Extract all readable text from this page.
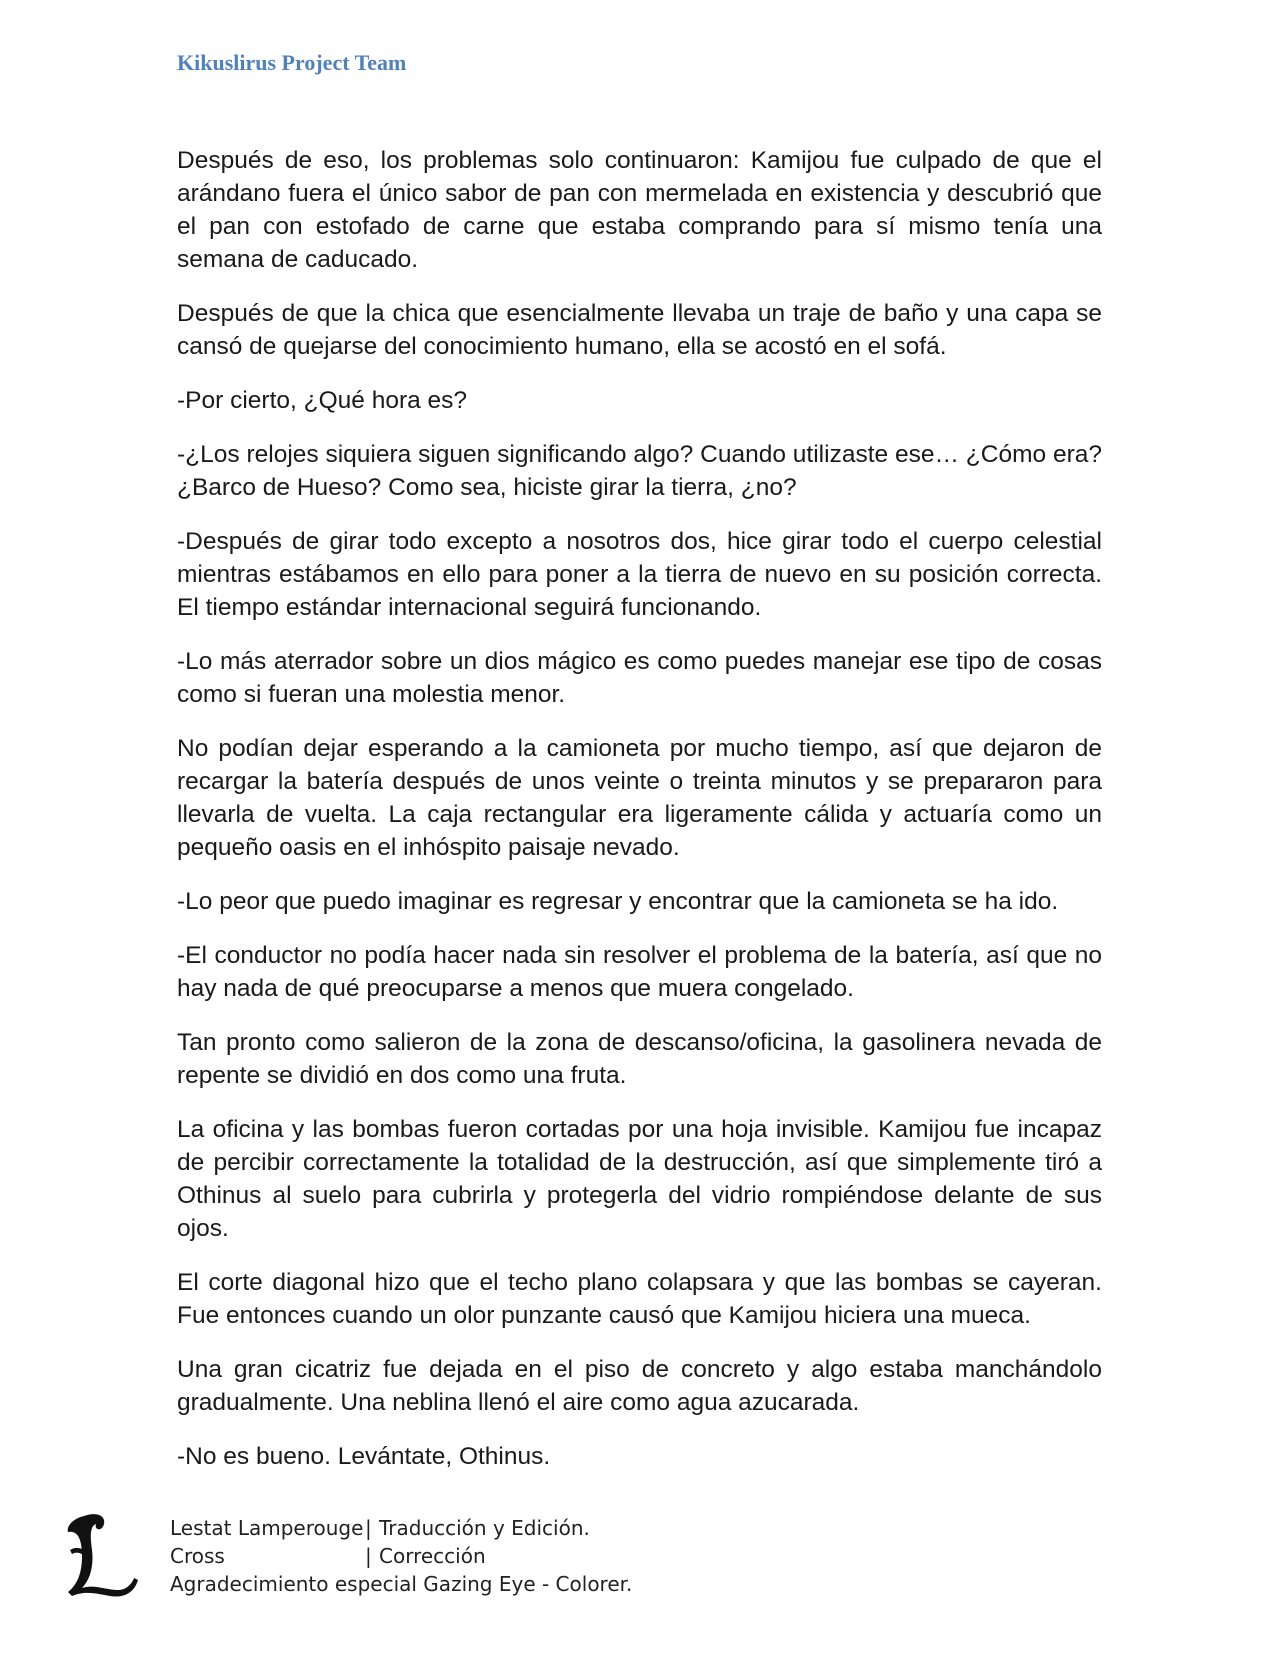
Kikuslirus Project Team

Después de eso, los problemas solo continuaron: Kamijou fue culpado de que el arándano fuera el único sabor de pan con mermelada en existencia y descubrió que el pan con estofado de carne que estaba comprando para sí mismo tenía una semana de caducado.

Después de que la chica que esencialmente llevaba un traje de baño y una capa se cansó de quejarse del conocimiento humano, ella se acostó en el sofá.

-Por cierto, ¿Qué hora es?

-¿Los relojes siquiera siguen significando algo? Cuando utilizaste ese… ¿Cómo era? ¿Barco de Hueso? Como sea, hiciste girar la tierra, ¿no?

-Después de girar todo excepto a nosotros dos, hice girar todo el cuerpo celestial mientras estábamos en ello para poner a la tierra de nuevo en su posición correcta. El tiempo estándar internacional seguirá funcionando.

-Lo más aterrador sobre un dios mágico es como puedes manejar ese tipo de cosas como si fueran una molestia menor.

No podían dejar esperando a la camioneta por mucho tiempo, así que dejaron de recargar la batería después de unos veinte o treinta minutos y se prepararon para llevarla de vuelta. La caja rectangular era ligeramente cálida y actuaría como un pequeño oasis en el inhóspito paisaje nevado.

-Lo peor que puedo imaginar es regresar y encontrar que la camioneta se ha ido.

-El conductor no podía hacer nada sin resolver el problema de la batería, así que no hay nada de qué preocuparse a menos que muera congelado.

Tan pronto como salieron de la zona de descanso/oficina, la gasolinera nevada de repente se dividió en dos como una fruta.

La oficina y las bombas fueron cortadas por una hoja invisible. Kamijou fue incapaz de percibir correctamente la totalidad de la destrucción, así que simplemente tiró a Othinus al suelo para cubrirla y protegerla del vidrio rompiéndose delante de sus ojos.

El corte diagonal hizo que el techo plano colapsara y que las bombas se cayeran. Fue entonces cuando un olor punzante causó que Kamijou hiciera una mueca.

Una gran cicatriz fue dejada en el piso de concreto y algo estaba manchándolo gradualmente. Una neblina llenó el aire como agua azucarada.

-No es bueno. Levántate, Othinus.

Lestat Lamperouge | Traducción y Edición.
Cross	| Corrección
Agradecimiento especial Gazing Eye - Colorer.
